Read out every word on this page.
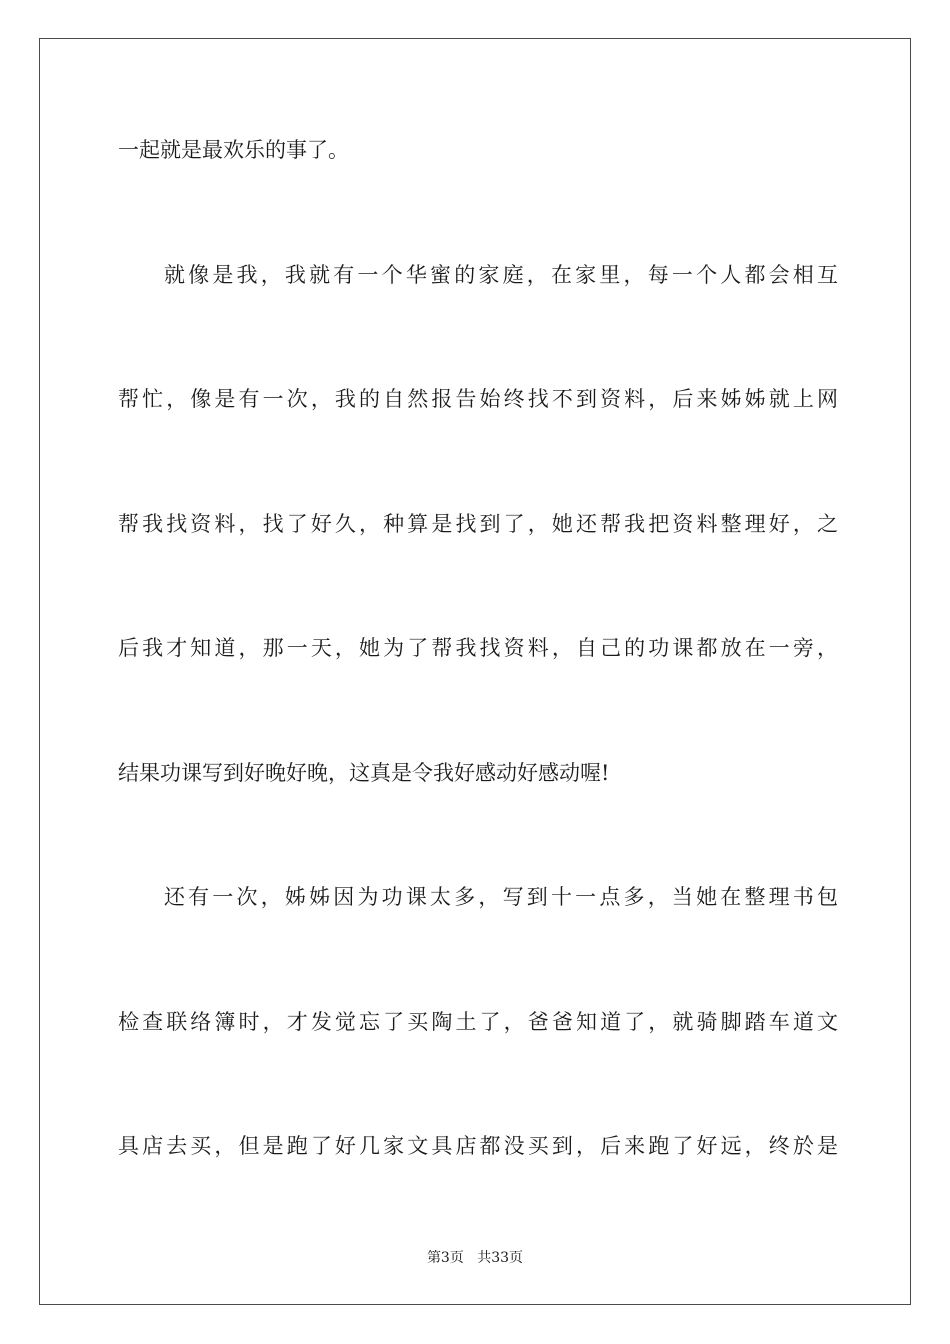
一起就是最欢乐的事了。
就像是我，我就有一个华蜜的家庭，在家里，每一个人都会相互
帮忙，像是有一次，我的自然报告始终找不到资料，后来姊姊就上网
帮我找资料，找了好久，种算是找到了，她还帮我把资料整理好，之
后我才知道，那一天，她为了帮我找资料，自己的功课都放在一旁，
结果功课写到好晚好晚，这真是令我好感动好感动喔!
还有一次，姊姊因为功课太多，写到十一点多，当她在整理书包
检查联络簿时，才发觉忘了买陶土了，爸爸知道了，就骑脚踏车道文
具店去买，但是跑了好几家文具店都没买到，后来跑了好远，终於是
第3页 共33页
